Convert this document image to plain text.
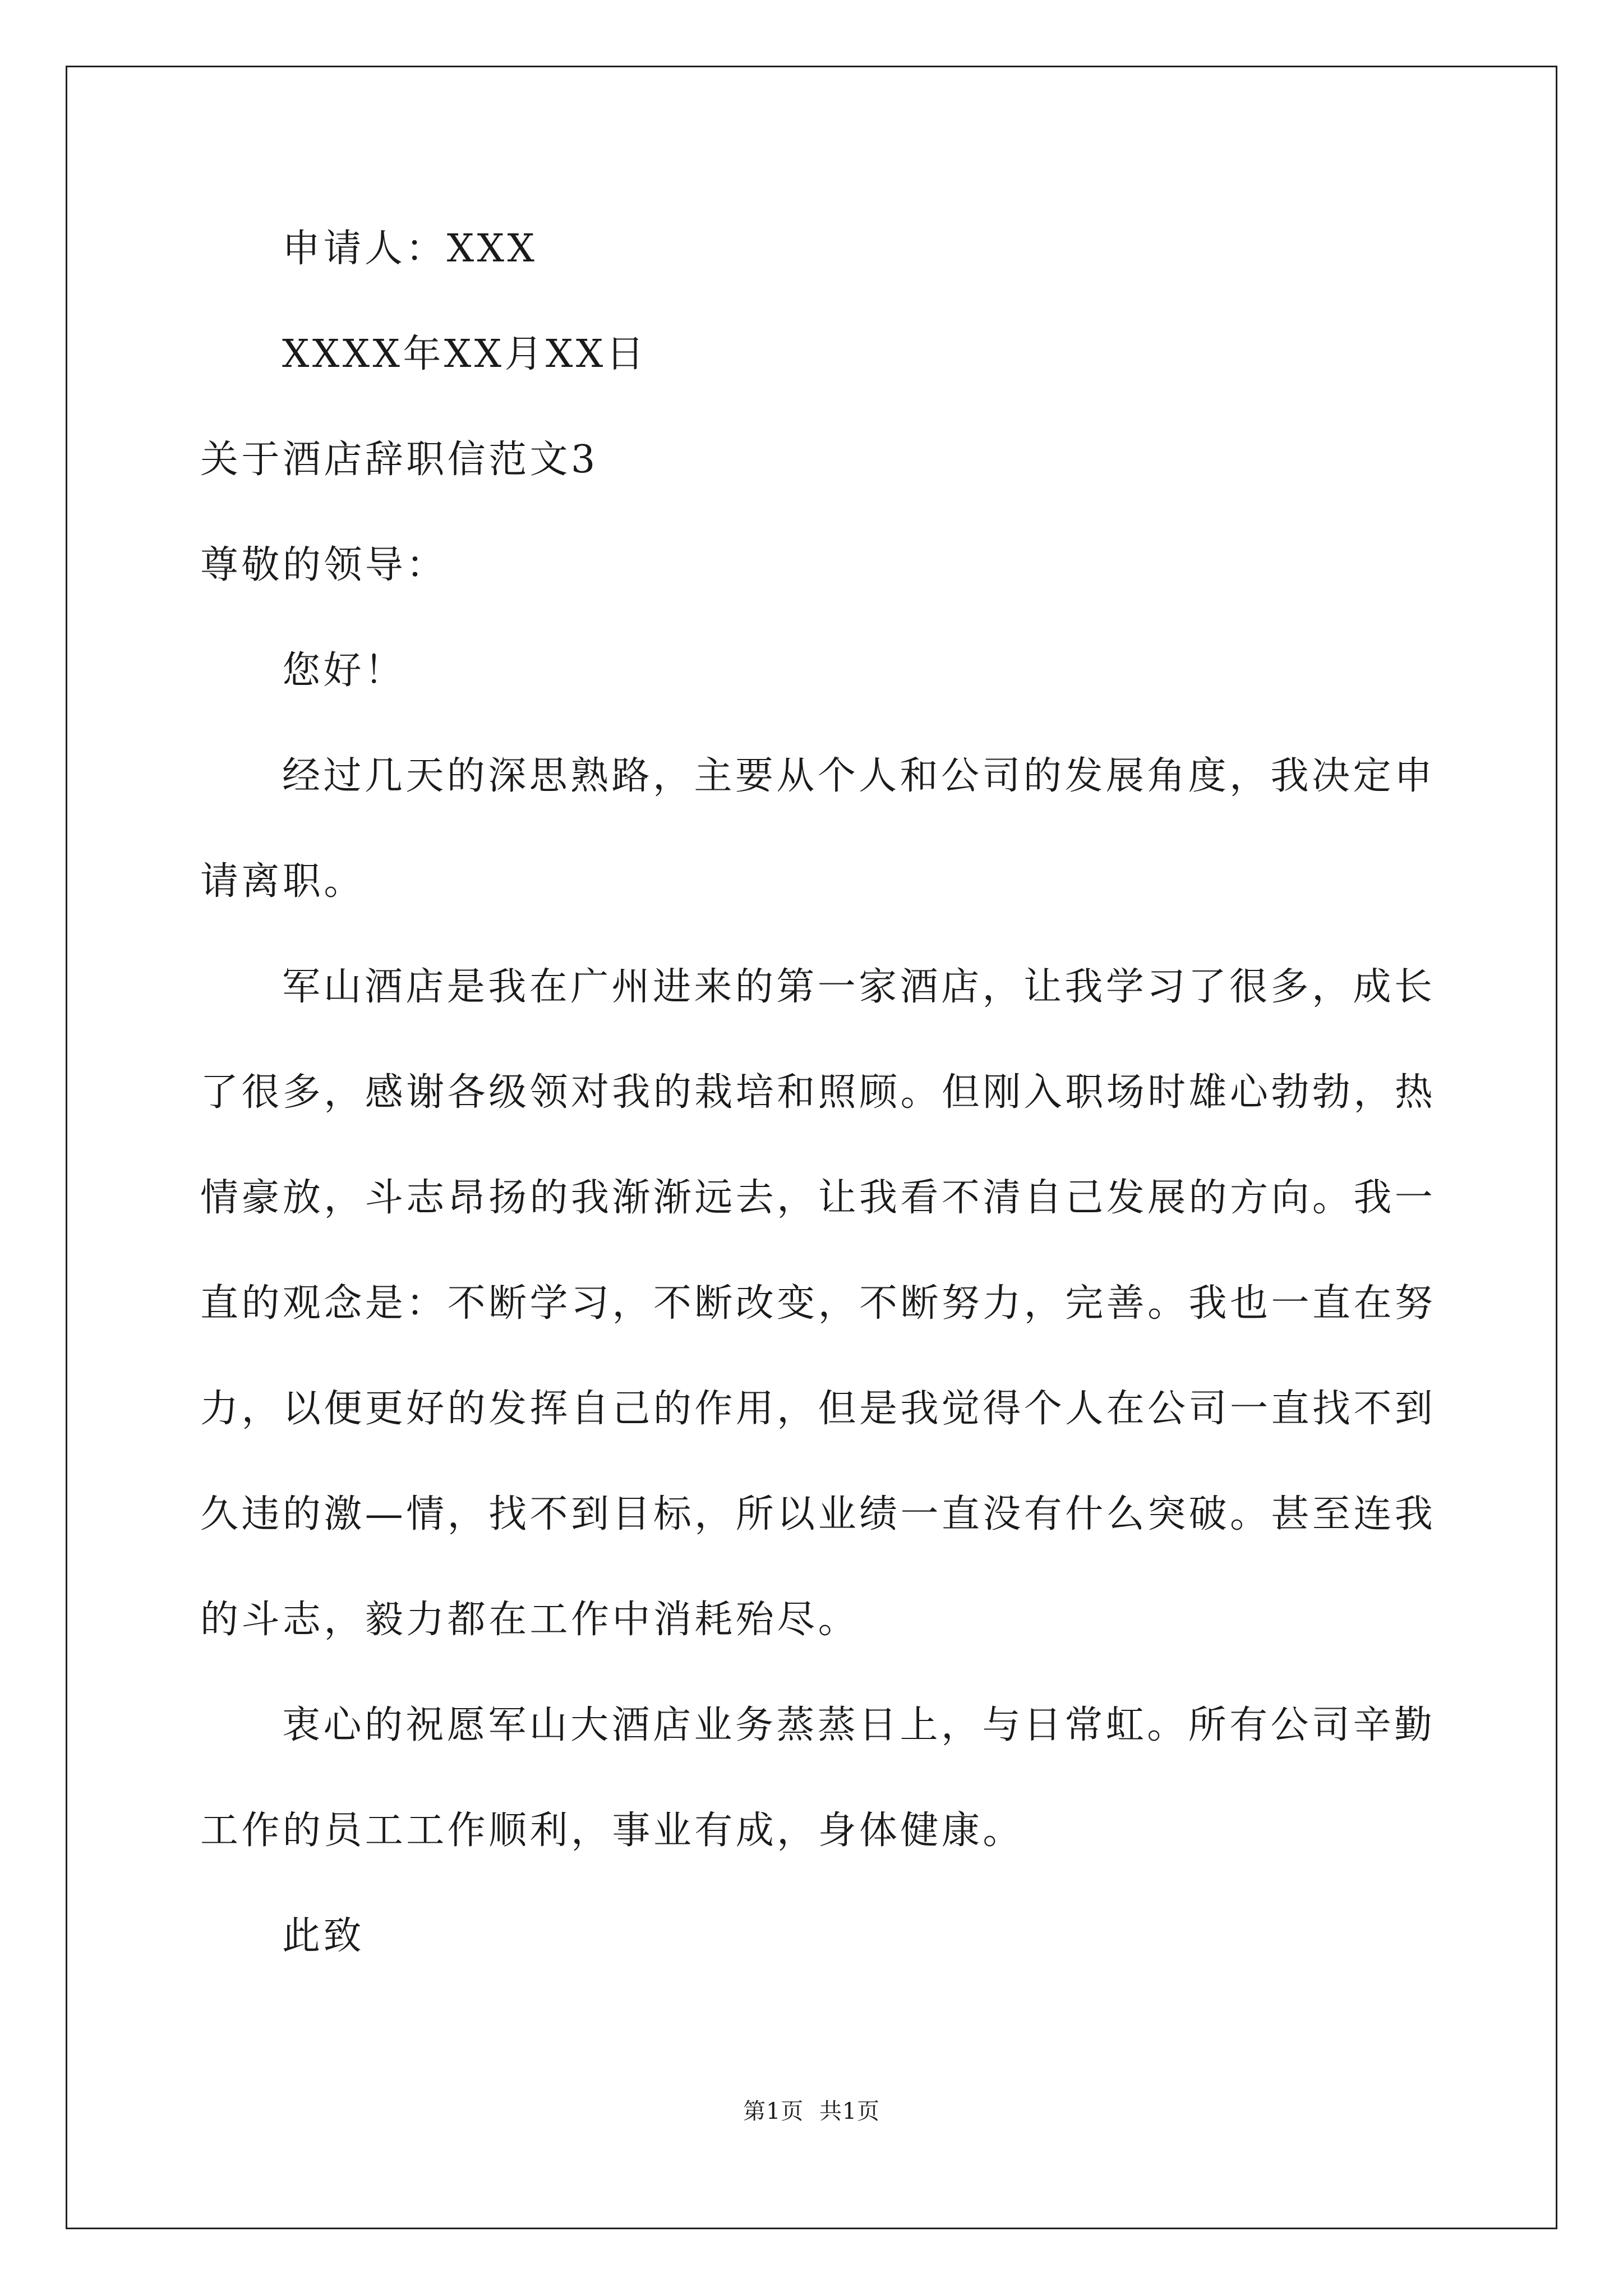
申请人：XXX
XXXX年XX月XX日
关于酒店辞职信范文3
尊敬的领导：
您好！
经过几天的深思熟路，主要从个人和公司的发展角度，我决定申
请离职。
军山酒店是我在广州进来的第一家酒店，让我学习了很多，成长
了很多，感谢各级领对我的栽培和照顾。但刚入职场时雄心勃勃，热
情豪放，斗志昂扬的我渐渐远去，让我看不清自己发展的方向。我一
直的观念是：不断学习，不断改变，不断努力，完善。我也一直在努
力，以便更好的发挥自己的作用，但是我觉得个人在公司一直找不到
久违的激—情，找不到目标，所以业绩一直没有什么突破。甚至连我
的斗志，毅力都在工作中消耗殆尽。
衷心的祝愿军山大酒店业务蒸蒸日上，与日常虹。所有公司辛勤
工作的员工工作顺利，事业有成，身体健康。
此致
第1页 共1页
